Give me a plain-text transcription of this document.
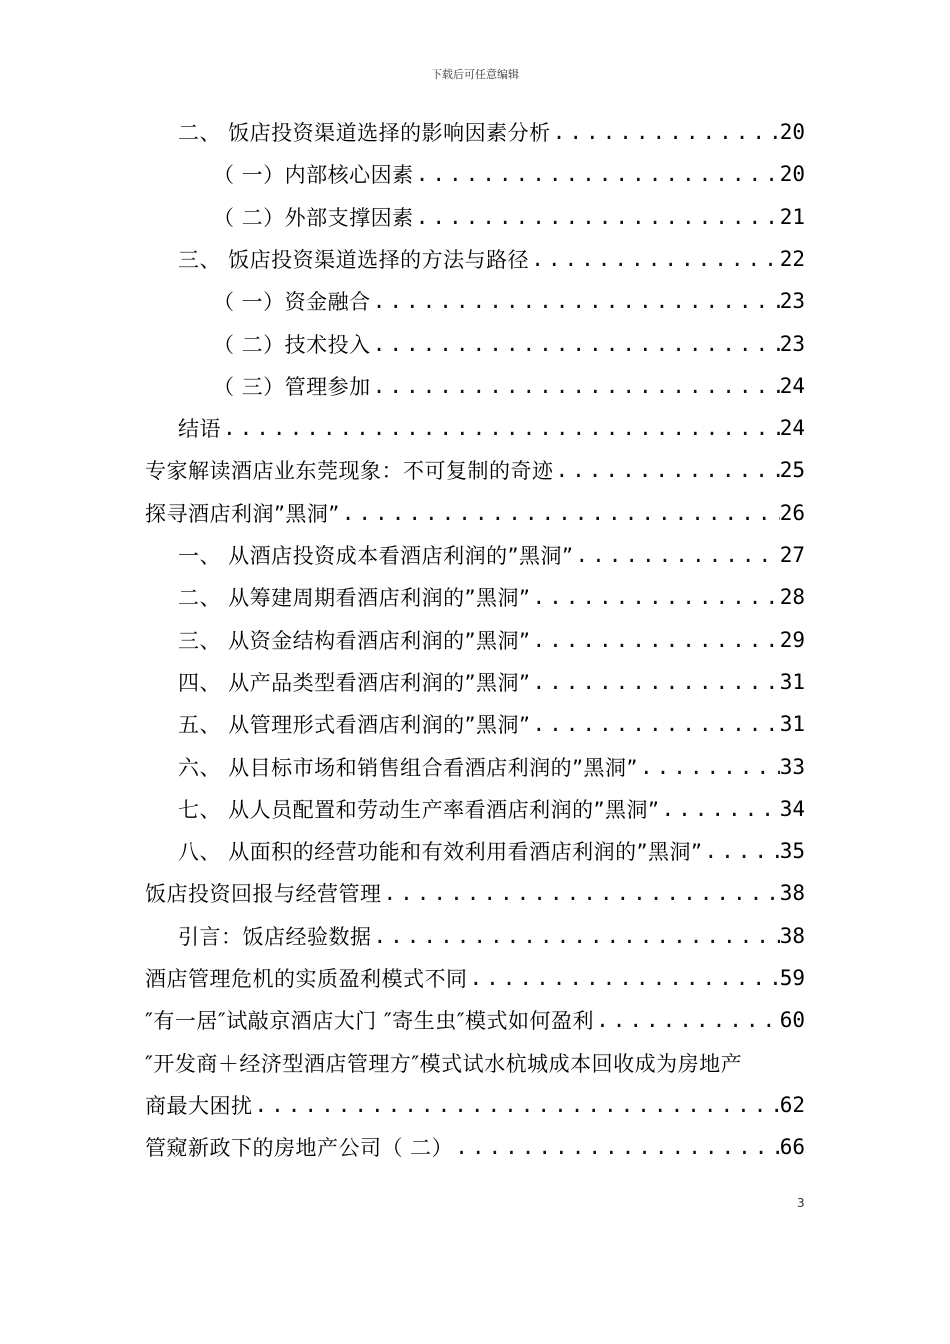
下载后可任意编辑
二、 饭店投资渠道选择的影响因素分析 .....	20
（ 一）内部核心因素 .....	20
（ 二）外部支撑因素 .....	21
三、 饭店投资渠道选择的方法与路径 .....	22
（ 一）资金融合 .....	23
（ 二）技术投入 .....	23
（ 三）管理参加 .....	24
结语 .....	24
专家解读酒店业东莞现象：不可复制的奇迹 .....	25
探寻酒店利润”黑洞” .....	26
一、 从酒店投资成本看酒店利润的”黑洞” .....	27
二、 从筹建周期看酒店利润的”黑洞” .....	28
三、 从资金结构看酒店利润的”黑洞” .....	29
四、 从产品类型看酒店利润的”黑洞” .....	31
五、 从管理形式看酒店利润的”黑洞” .....	31
六、 从目标市场和销售组合看酒店利润的”黑洞” .....	33
七、 从人员配置和劳动生产率看酒店利润的”黑洞” .....	34
八、 从面积的经营功能和有效利用看酒店利润的”黑洞” .....	35
饭店投资回报与经营管理 .....	38
引言：饭店经验数据 .....	38
酒店管理危机的实质盈利模式不同 .....	59
″有一居″试敲京酒店大门 ″寄生虫″模式如何盈利 .....	60
″开发商＋经济型酒店管理方″模式试水杭城成本回收成为房地产
商最大困扰 .....	62
管窥新政下的房地产公司（ 二） .....	66
3
